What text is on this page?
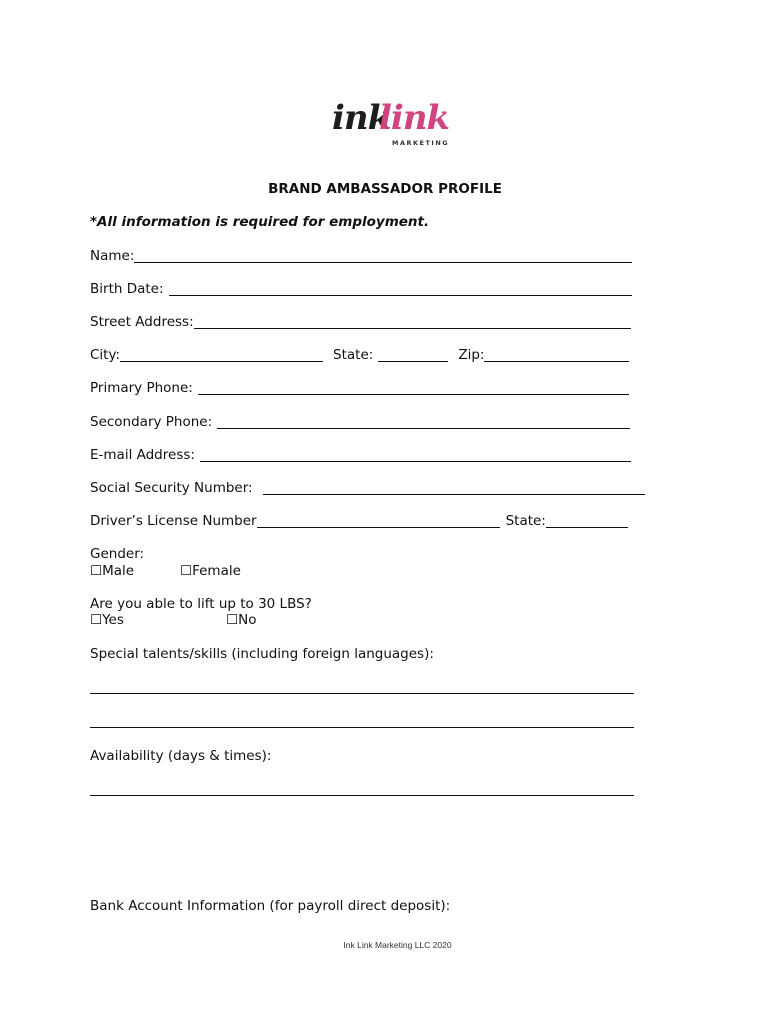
ink
link
MARKETING
BRAND AMBASSADOR PROFILE
*All information is required for employment.
Name:
Birth Date:
Street Address:
City:	State:	Zip:
Primary Phone:
Secondary Phone:
E-mail Address:
Social Security Number:
Driver’s License Number	State:
Gender:
☐Male	☐Female
Are you able to lift up to 30 LBS?
☐Yes	☐No
Special talents/skills (including foreign languages):
Availability (days & times):
Bank Account Information (for payroll direct deposit):
Ink Link Marketing LLC 2020
